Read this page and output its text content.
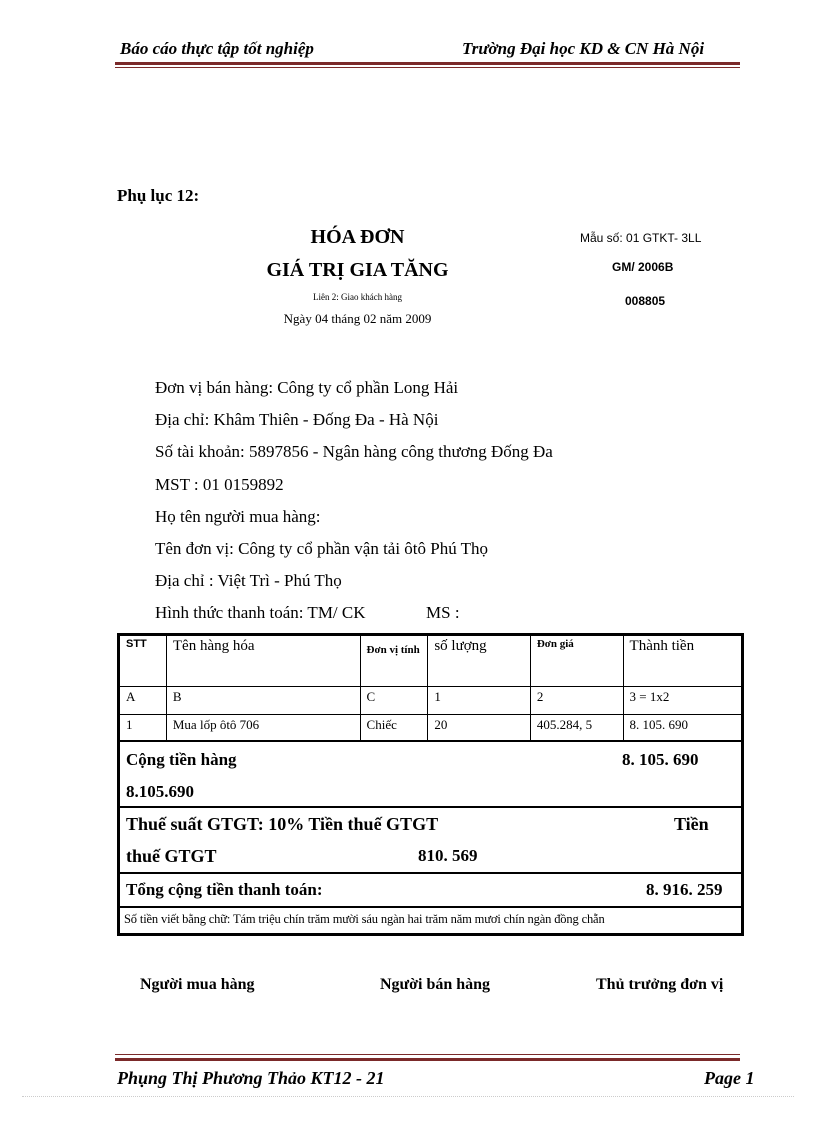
Báo cáo thực tập tốt nghiệp	Trường Đại học KD & CN Hà Nội
Phụ lục 12:
HÓA ĐƠN
GIÁ TRỊ GIA TĂNG
Liên 2: Giao khách hàng
Ngày 04 tháng 02 năm 2009
Mẫu số: 01 GTKT- 3LL
GM/ 2006B
008805
Đơn vị bán hàng: Công ty cổ phần Long Hải
Địa chỉ: Khâm Thiên - Đống Đa - Hà Nội
Số tài khoản: 5897856 - Ngân hàng công thương Đống Đa
MST : 01 0159892
Họ tên người mua hàng:
Tên đơn vị: Công ty cổ phần vận tải ôtô Phú Thọ
Địa chỉ : Việt Trì - Phú Thọ
Hình thức thanh toán: TM/ CK	MS :
STT	Tên hàng hóa	Đơn vị tính	số lượng	Đơn giá	Thành tiền
A	B	C	1	2	3 = 1x2
1	Mua lốp ôtô 706	Chiếc	20	405.284, 5	8. 105. 690

Cộng tiền hàng 8. 105. 690
8.105.690					

Thuế suất GTGT: 10% Tiền thuế GTGT Tiền
thuế GTGT 810. 569					

Tổng cộng tiền thanh toán: 8. 916. 259					

Số tiền viết bằng chữ: Tám triệu chín trăm mười sáu ngàn hai trăm năm mươi chín ngàn đồng chẵn					
Người mua hàng	Người bán hàng	Thủ trưởng đơn vị
Phụng Thị Phương Thảo KT12 - 21	Page 1
